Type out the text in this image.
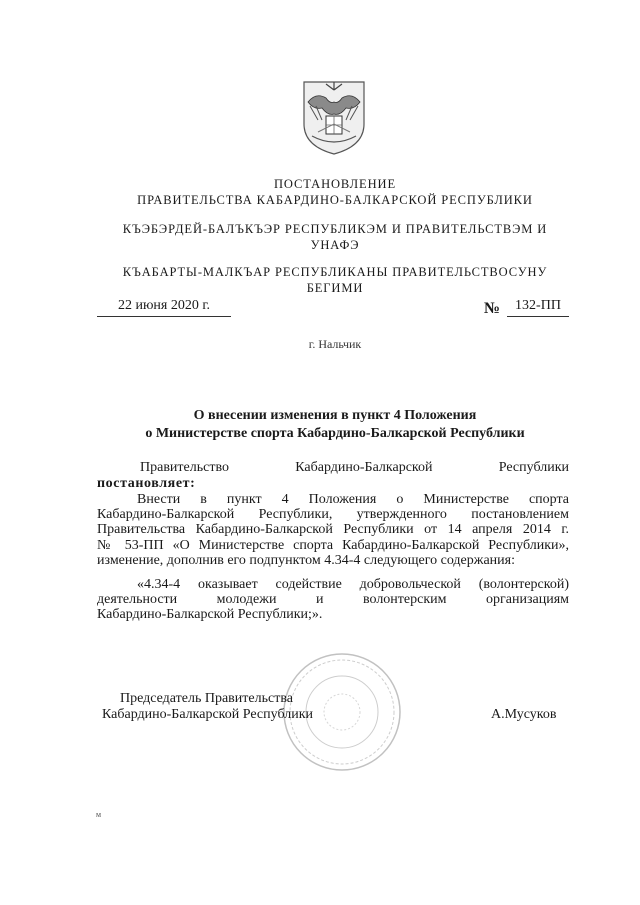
ПОСТАНОВЛЕНИЕ
ПРАВИТЕЛЬСТВА КАБАРДИНО-БАЛКАРСКОЙ РЕСПУБЛИКИ
КЪЭБЭРДЕЙ-БАЛЪКЪЭР РЕСПУБЛИКЭМ И ПРАВИТЕЛЬСТВЭМ И
УНАФЭ
КЪАБАРТЫ-МАЛКЪАР РЕСПУБЛИКАНЫ ПРАВИТЕЛЬСТВОСУНУ
БЕГИМИ
22 июня 2020 г.	№	132-ПП
г. Нальчик
О внесении изменения в пункт 4 Положения
о Министерстве спорта Кабардино-Балкарской Республики
Правительство Кабардино-Балкарской Республики
постановляет:
Внести в пункт 4 Положения о Министерстве спорта
Кабардино-Балкарской Республики, утвержденного постановлением
Правительства Кабардино-Балкарской Республики от 14 апреля 2014 г.
№ 53-ПП «О Министерстве спорта Кабардино-Балкарской Республики»,
изменение, дополнив его подпунктом 4.34-4 следующего содержания:
«4.34-4 оказывает содействие добровольческой (волонтерской)
деятельности молодежи и волонтерским организациям
Кабардино-Балкарской Республики;».
Председатель Правительства
Кабардино-Балкарской Республики	А.Мусуков
м
